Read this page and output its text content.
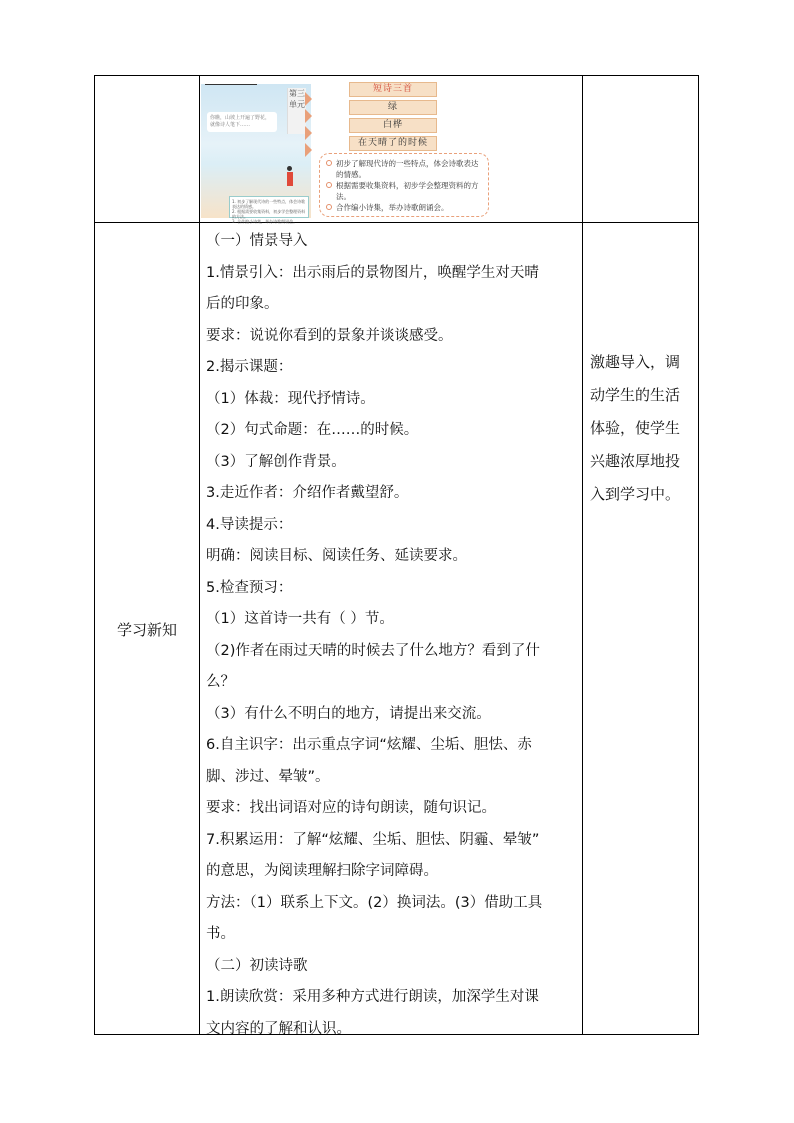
第三单元
你瞧，山坡上开遍了野花，就像诗人笔下……
1. 初步了解现代诗的一些特点，体会诗歌表达的情感。
2. 根据需要收集资料，初步学会整理资料的方法。
3. 合作编小诗集，举办诗歌朗诵会。
短诗三首
绿
白桦
在天晴了的时候
初步了解现代诗的一些特点，体会诗歌表达的情感。
根据需要收集资料，初步学会整理资料的方法。
合作编小诗集，举办诗歌朗诵会。
学习新知

（一）情景导入

1.情景引入：出示雨后的景物图片，唤醒学生对天晴

后的印象。

要求：说说你看到的景象并谈谈感受。

2.揭示课题：

（1）体裁：现代抒情诗。

（2）句式命题：在……的时候。

（3）了解创作背景。

3.走近作者：介绍作者戴望舒。

4.导读提示：

明确：阅读目标、阅读任务、延读要求。

5.检查预习：

（1）这首诗一共有（ ）节。

（2)作者在雨过天晴的时候去了什么地方？看到了什

么？

（3）有什么不明白的地方，请提出来交流。

6.自主识字：出示重点字词“炫耀、尘垢、胆怯、赤

脚、涉过、晕皱”。

要求：找出词语对应的诗句朗读，随句识记。

7.积累运用：了解“炫耀、尘垢、胆怯、阴霾、晕皱”

的意思，为阅读理解扫除字词障碍。

方法：（1）联系上下文。(2）换词法。(3）借助工具

书。

（二）初读诗歌

1.朗读欣赏：采用多种方式进行朗读，加深学生对课

文内容的了解和认识。

激趣导入，调

动学生的生活

体验，使学生

兴趣浓厚地投

入到学习中。
